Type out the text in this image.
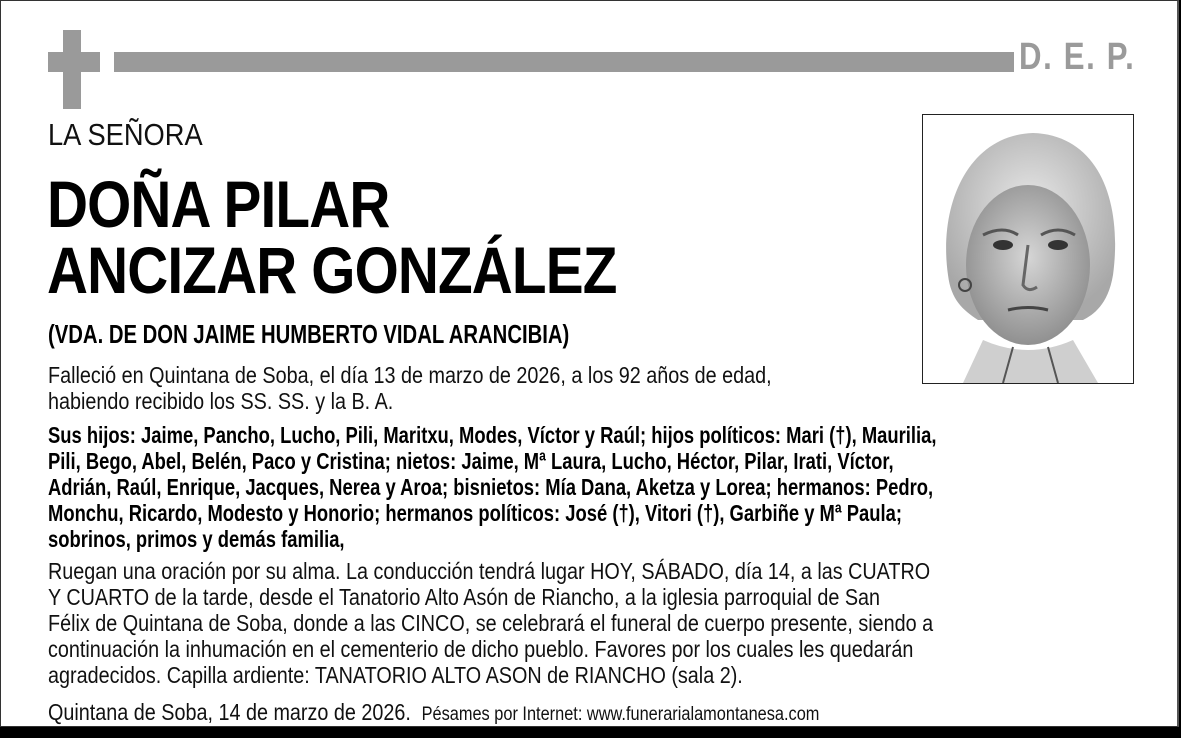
D. E. P.
LA SEÑORA
DOÑA PILAR
ANCIZAR GONZÁLEZ
(VDA. DE DON JAIME HUMBERTO VIDAL ARANCIBIA)
Falleció en Quintana de Soba, el día 13 de marzo de 2026, a los 92 años de edad,
habiendo recibido los SS. SS. y la B. A.
Sus hijos: Jaime, Pancho, Lucho, Pili, Maritxu, Modes, Víctor y Raúl; hijos políticos: Mari (†), Maurilia,
Pili, Bego, Abel, Belén, Paco y Cristina; nietos: Jaime, Mª Laura, Lucho, Héctor, Pilar, Irati, Víctor,
Adrián, Raúl, Enrique, Jacques, Nerea y Aroa; bisnietos: Mía Dana, Aketza y Lorea; hermanos: Pedro,
Monchu, Ricardo, Modesto y Honorio; hermanos políticos: José (†), Vitori (†), Garbiñe y Mª Paula;
sobrinos, primos y demás familia,
Ruegan una oración por su alma. La conducción tendrá lugar HOY, SÁBADO, día 14, a las CUATRO
Y CUARTO de la tarde, desde el Tanatorio Alto Asón de Riancho, a la iglesia parroquial de San
Félix de Quintana de Soba, donde a las CINCO, se celebrará el funeral de cuerpo presente, siendo a
continuación la inhumación en el cementerio de dicho pueblo. Favores por los cuales les quedarán
agradecidos. Capilla ardiente: TANATORIO ALTO ASON de RIANCHO (sala 2).
Quintana de Soba, 14 de marzo de 2026. Pésames por Internet: www.funerarialamontanesa.com
